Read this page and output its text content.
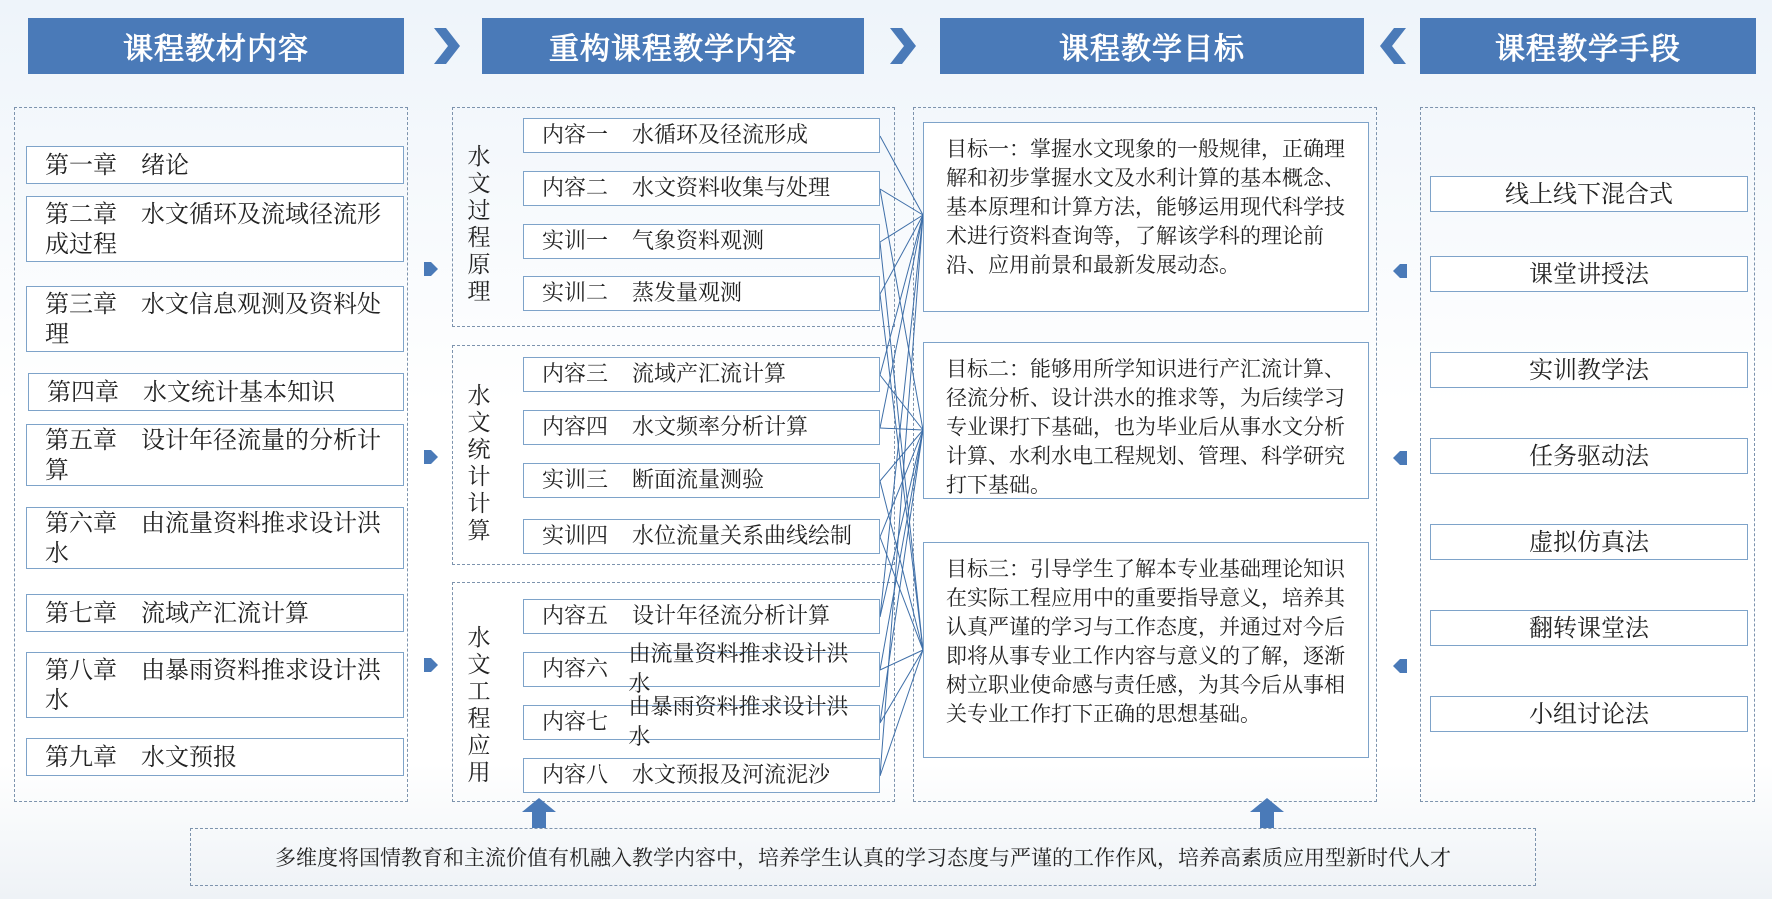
课程教材内容	重构课程教学内容	课程教学目标	课程教学手段
第一章　绪论
第二章　水文循环及流域径流形成过程
第三章　水文信息观测及资料处理
第四章　水文统计基本知识
第五章　设计年径流量的分析计算
第六章　由流量资料推求设计洪水
第七章　流域产汇流计算
第八章　由暴雨资料推求设计洪水
第九章　水文预报
水文过程原理
水文统计计算
水文工程应用
内容一	水循环及径流形成
内容二	水文资料收集与处理
实训一	气象资料观测
实训二	蒸发量观测
内容三	流域产汇流计算
内容四	水文频率分析计算
实训三	断面流量测验
实训四	水位流量关系曲线绘制
内容五	设计年径流分析计算
内容六
由流量资料推求设计洪水
内容七
由暴雨资料推求设计洪水
内容八	水文预报及河流泥沙
目标一：掌握水文现象的一般规律，正确理解和初步掌握水文及水利计算的基本概念、基本原理和计算方法，能够运用现代科学技术进行资料查询等，了解该学科的理论前沿、应用前景和最新发展动态。
目标二：能够用所学知识进行产汇流计算、径流分析、设计洪水的推求等，为后续学习专业课打下基础，也为毕业后从事水文分析计算、水利水电工程规划、管理、科学研究打下基础。
目标三：引导学生了解本专业基础理论知识在实际工程应用中的重要指导意义，培养其认真严谨的学习与工作态度，并通过对今后即将从事专业工作内容与意义的了解，逐渐树立职业使命感与责任感，为其今后从事相关专业工作打下正确的思想基础。
线上线下混合式
课堂讲授法
实训教学法
任务驱动法
虚拟仿真法
翻转课堂法
小组讨论法
多维度将国情教育和主流价值有机融入教学内容中，培养学生认真的学习态度与严谨的工作作风，培养高素质应用型新时代人才
